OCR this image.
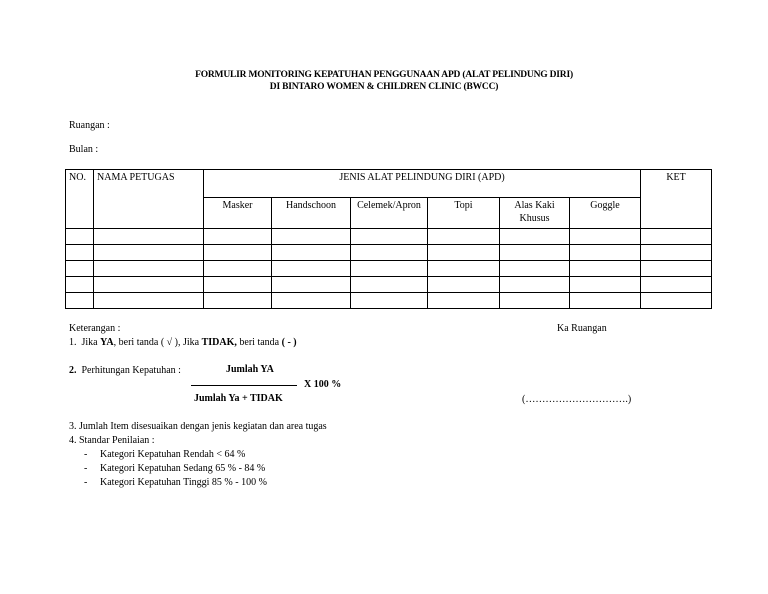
FORMULIR MONITORING KEPATUHAN PENGGUNAAN APD (ALAT PELINDUNG DIRI)
DI BINTARO WOMEN & CHILDREN CLINIC (BWCC)
Ruangan :
Bulan :
NO.	NAMA PETUGAS	JENIS ALAT PELINDUNG DIRI (APD)						KET
		Masker	Handschoon	Celemek/Apron	Topi	Alas Kaki Khusus	Goggle	

Keterangan :	Ka Ruangan
1. Jika YA, beri tanda ( √ ), Jika TIDAK, beri tanda ( - )
2. Perhitungan Kepatuhan :	Jumlah YA
X 100 %
Jumlah Ya + TIDAK	(………………………….)
3. Jumlah Item disesuaikan dengan jenis kegiatan dan area tugas
4. Standar Penilaian :
- Kategori Kepatuhan Rendah < 64 %
- Kategori Kepatuhan Sedang 65 % - 84 %
- Kategori Kepatuhan Tinggi 85 % - 100 %
